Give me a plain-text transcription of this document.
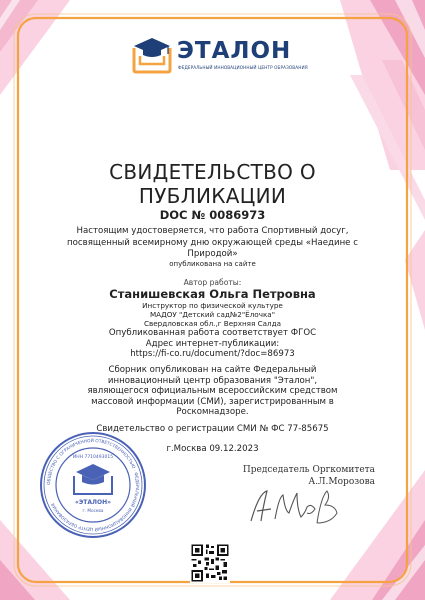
ЭТАЛОН
ФЕДЕРАЛЬНЫЙ ИННОВАЦИОННЫЙ ЦЕНТР ОБРАЗОВАНИЯ
СВИДЕТЕЛЬСТВО О ПУБЛИКАЦИИ
DOC № 0086973
Настоящим удостоверяется, что работа Спортивный досуг, посвященный всемирному дню окружающей среды «Наедине с Природой»
опубликована на сайте
Автор работы:
Станишевская Ольга Петровна
Инструктор по физической культуре
МАДОУ "Детский сад№2"Ёлочка"
Свердловская обл.,г Верхняя Салда
Опубликованная работа соответствует ФГОС
Адрес интернет-публикации:
https://fi-co.ru/document/?doc=86973
Сборник опубликован на сайте Федеральный инновационный центр образования "Эталон", являющегося официальным всероссийским средством массовой информации (СМИ), зарегистрированным в Роскомнадзоре.
Свидетельство о регистрации СМИ № ФС 77-85675
г.Москва 09.12.2023
ОБЩЕСТВО С ОГРАНИЧЕННОЙ ОТВЕТСТВЕННОСТЬЮ · ФЕДЕРАЛЬНЫЙ ИННОВАЦИОННЫЙ ЦЕНТР ОБРАЗОВАНИЯ
ИНН 7710493015
«ЭТАЛОН»
г. Москва
Председатель Оргкомитета
А.Л.Морозова
